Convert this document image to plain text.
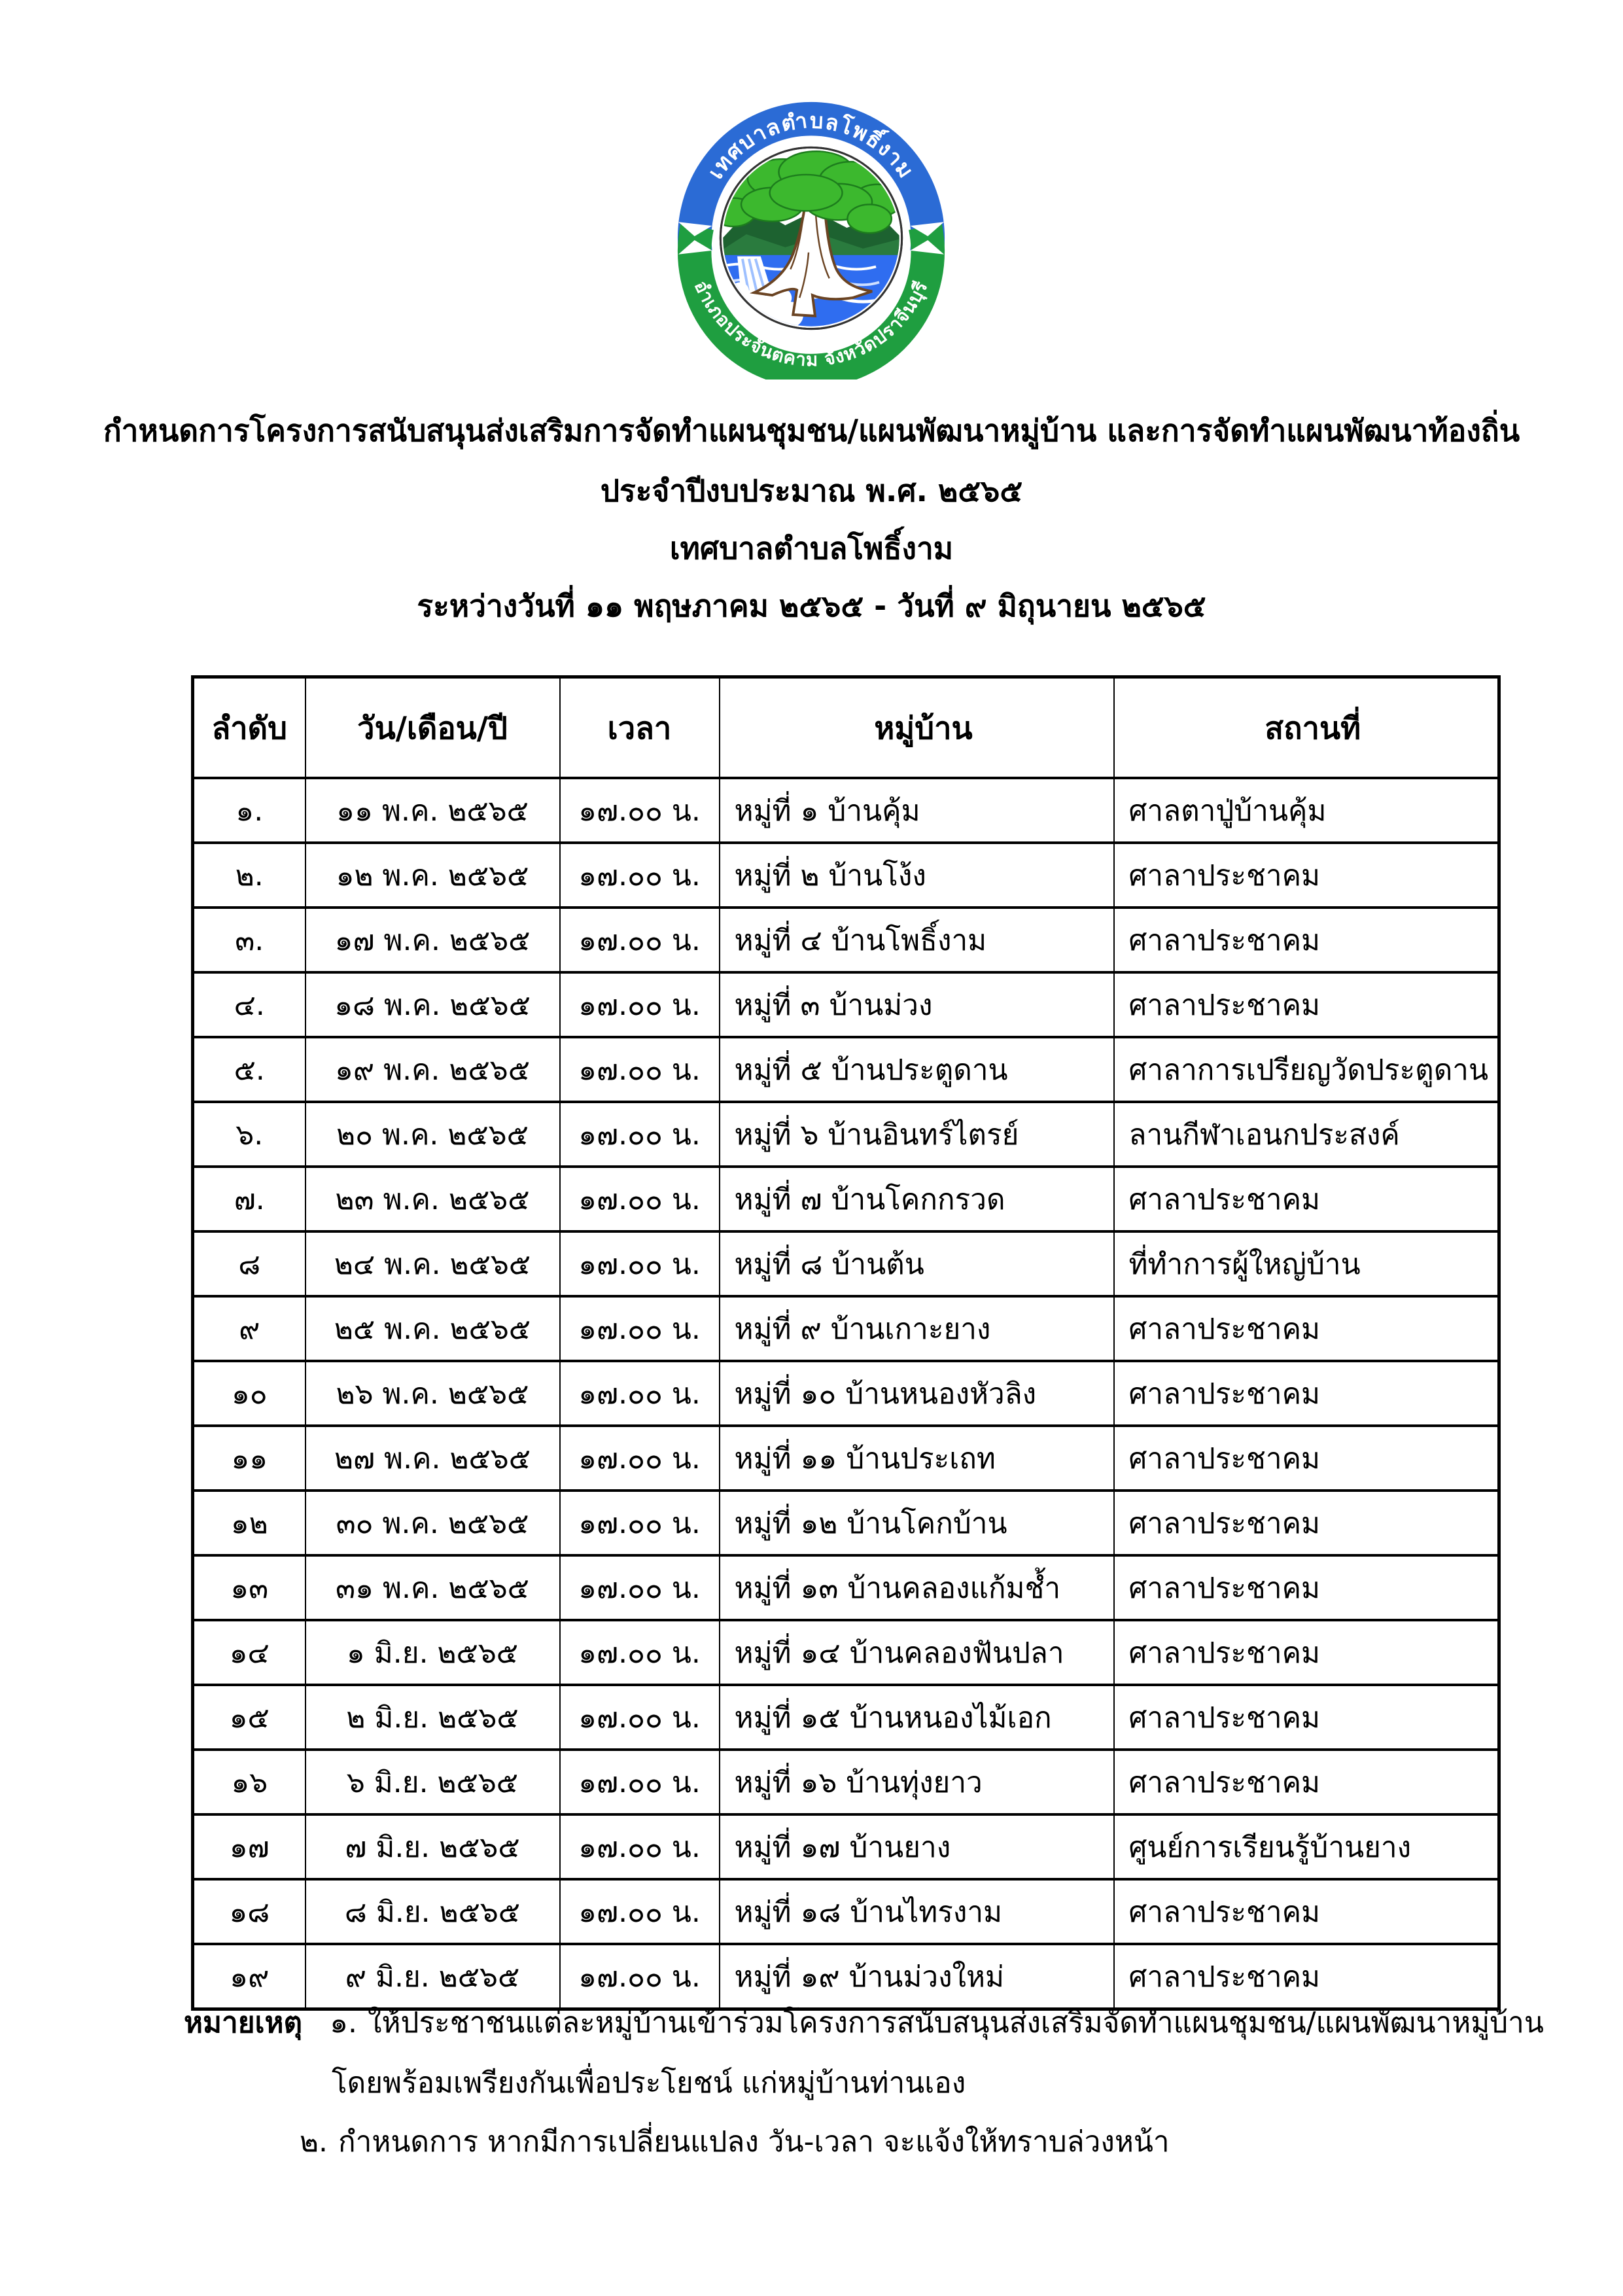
เทศบาลตำบลโพธิ์งาม
อำเภอประจันตคาม จังหวัดปราจีนบุรี
กำหนดการโครงการสนับสนุนส่งเสริมการจัดทำแผนชุมชน/แผนพัฒนาหมู่บ้าน และการจัดทำแผนพัฒนาท้องถิ่น
ประจำปีงบประมาณ พ.ศ. ๒๕๖๕
เทศบาลตำบลโพธิ์งาม
ระหว่างวันที่ ๑๑ พฤษภาคม ๒๕๖๕ - วันที่ ๙ มิถุนายน ๒๕๖๕
ลำดับ	วัน/เดือน/ปี	เวลา	หมู่บ้าน	สถานที่
๑.	๑๑ พ.ค. ๒๕๖๕	๑๗.๐๐ น.	หมู่ที่ ๑ บ้านคุ้ม	ศาลตาปู่บ้านคุ้ม
๒.	๑๒ พ.ค. ๒๕๖๕	๑๗.๐๐ น.	หมู่ที่ ๒ บ้านโง้ง	ศาลาประชาคม
๓.	๑๗ พ.ค. ๒๕๖๕	๑๗.๐๐ น.	หมู่ที่ ๔ บ้านโพธิ์งาม	ศาลาประชาคม
๔.	๑๘ พ.ค. ๒๕๖๕	๑๗.๐๐ น.	หมู่ที่ ๓ บ้านม่วง	ศาลาประชาคม
๕.	๑๙ พ.ค. ๒๕๖๕	๑๗.๐๐ น.	หมู่ที่ ๕ บ้านประตูดาน	ศาลาการเปรียญวัดประตูดาน
๖.	๒๐ พ.ค. ๒๕๖๕	๑๗.๐๐ น.	หมู่ที่ ๖ บ้านอินทร์ไตรย์	ลานกีฬาเอนกประสงค์
๗.	๒๓ พ.ค. ๒๕๖๕	๑๗.๐๐ น.	หมู่ที่ ๗ บ้านโคกกรวด	ศาลาประชาคม
๘	๒๔ พ.ค. ๒๕๖๕	๑๗.๐๐ น.	หมู่ที่ ๘ บ้านต้น	ที่ทำการผู้ใหญ่บ้าน
๙	๒๕ พ.ค. ๒๕๖๕	๑๗.๐๐ น.	หมู่ที่ ๙ บ้านเกาะยาง	ศาลาประชาคม
๑๐	๒๖ พ.ค. ๒๕๖๕	๑๗.๐๐ น.	หมู่ที่ ๑๐ บ้านหนองหัวลิง	ศาลาประชาคม
๑๑	๒๗ พ.ค. ๒๕๖๕	๑๗.๐๐ น.	หมู่ที่ ๑๑ บ้านประเถท	ศาลาประชาคม
๑๒	๓๐ พ.ค. ๒๕๖๕	๑๗.๐๐ น.	หมู่ที่ ๑๒ บ้านโคกบ้าน	ศาลาประชาคม
๑๓	๓๑ พ.ค. ๒๕๖๕	๑๗.๐๐ น.	หมู่ที่ ๑๓ บ้านคลองแก้มช้ำ	ศาลาประชาคม
๑๔	๑ มิ.ย. ๒๕๖๕	๑๗.๐๐ น.	หมู่ที่ ๑๔ บ้านคลองฟันปลา	ศาลาประชาคม
๑๕	๒ มิ.ย. ๒๕๖๕	๑๗.๐๐ น.	หมู่ที่ ๑๕ บ้านหนองไม้เอก	ศาลาประชาคม
๑๖	๖ มิ.ย. ๒๕๖๕	๑๗.๐๐ น.	หมู่ที่ ๑๖ บ้านทุ่งยาว	ศาลาประชาคม
๑๗	๗ มิ.ย. ๒๕๖๕	๑๗.๐๐ น.	หมู่ที่ ๑๗ บ้านยาง	ศูนย์การเรียนรู้บ้านยาง
๑๘	๘ มิ.ย. ๒๕๖๕	๑๗.๐๐ น.	หมู่ที่ ๑๘ บ้านไทรงาม	ศาลาประชาคม
๑๙	๙ มิ.ย. ๒๕๖๕	๑๗.๐๐ น.	หมู่ที่ ๑๙ บ้านม่วงใหม่	ศาลาประชาคม
หมายเหตุ ๑. ให้ประชาชนแต่ละหมู่บ้านเข้าร่วมโครงการสนับสนุนส่งเสริมจัดทำแผนชุมชน/แผนพัฒนาหมู่บ้าน
โดยพร้อมเพรียงกันเพื่อประโยชน์ แก่หมู่บ้านท่านเอง
๒. กำหนดการ หากมีการเปลี่ยนแปลง วัน-เวลา จะแจ้งให้ทราบล่วงหน้า
